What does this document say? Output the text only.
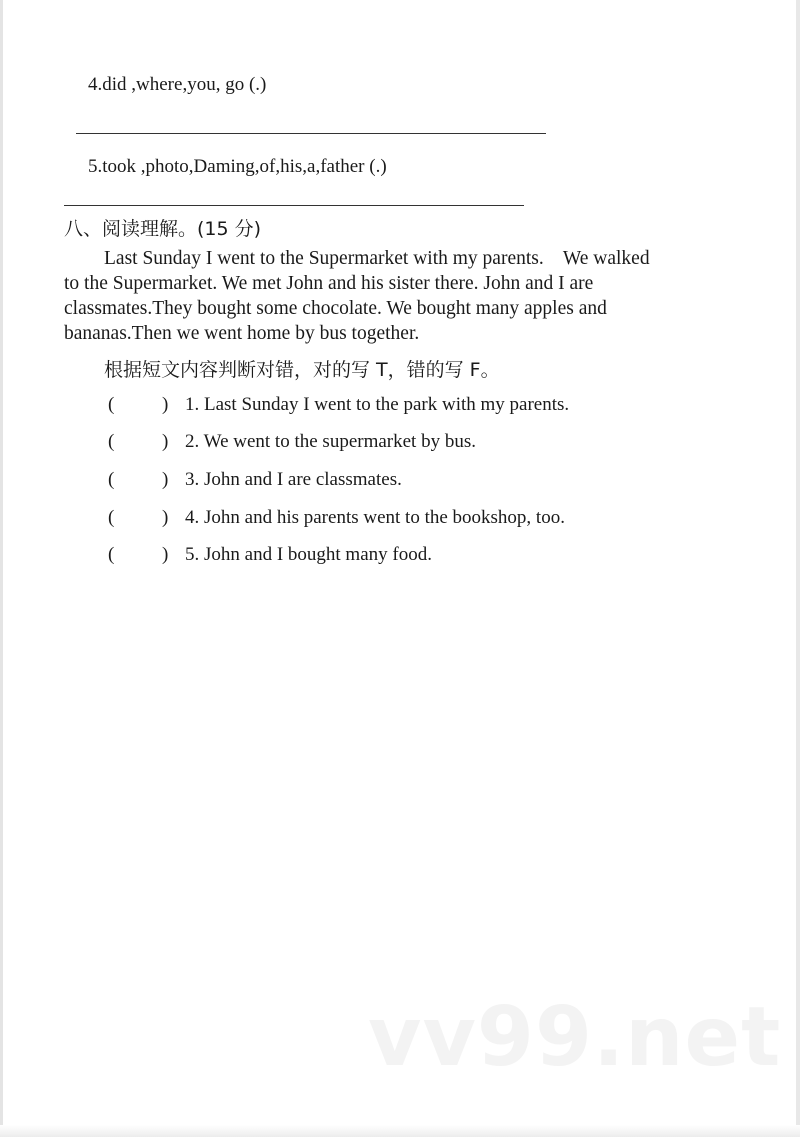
4.did ,where,you, go (.)
5.took ,photo,Daming,of,his,a,father (.)
八、阅读理解。(15 分)
Last Sunday I went to the Supermarket with my parents.    We walked
to the Supermarket. We met John and his sister there. John and I are
classmates.They bought some chocolate. We bought many apples and
bananas.Then we went home by bus together.
根据短文内容判断对错，对的写 T，错的写 F。
(	) 1. Last Sunday I went to the park with my parents.
(	) 2. We went to the supermarket by bus.
(	) 3. John and I are classmates.
(	) 4. John and his parents went to the bookshop, too.
(	) 5. John and I bought many food.
vv99.net
